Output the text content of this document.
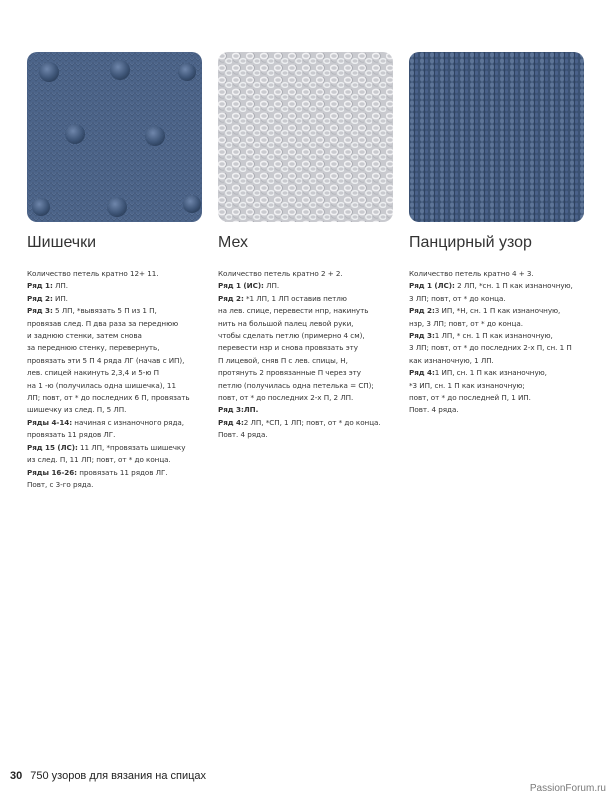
Шишечки	Мех	Панцирный узор
Количество петель кратно 12+ 11.
Ряд 1: ЛП.
Ряд 2: ИП.
Ряд 3: 5 ЛП, *вывязать 5 П из 1 П,
провязав след. П два раза за переднюю
и заднюю стенки, затем снова
за переднюю стенку, перевернуть,
провязать эти 5 П 4 ряда ЛГ (начав с ИП),
лев. спицей накинуть 2,3,4 и 5-ю П
на 1 -ю (получилась одна шишечка), 11
ЛП; повт, от * до последних 6 П, провязать
шишечку из след. П, 5 ЛП.
Ряды 4-14: начиная с изнаночного ряда,
провязать 11 рядов ЛГ.
Ряд 15 (ЛС): 11 ЛП, *провязать шишечку
из след. П, 11 ЛП; повт, от * до конца.
Ряды 16-26: провязать 11 рядов ЛГ.
Повт, с 3-го ряда.
Количество петель кратно 2 + 2.
Ряд 1 (ИС): ЛП.
Ряд 2: *1 ЛП, 1 ЛП оставив петлю
на лев. спице, перевести нпр, накинуть
нить на большой палец левой руки,
чтобы сделать петлю (примерно 4 см),
перевести нзр и снова провязать эту
П лицевой, сняв П с лев. спицы, Н,
протянуть 2 провязанные П через эту
петлю (получилась одна петелька = СП);
повт, от * до последних 2-х П, 2 ЛП.
Ряд 3:ЛП.
Ряд 4:2 ЛП, *СП, 1 ЛП; повт, от * до конца.
Повт. 4 ряда.
Количество петель кратно 4 + 3.
Ряд 1 (ЛС): 2 ЛП, *сн. 1 П как изнаночную,
3 ЛП; повт, от * до конца.
Ряд 2:3 ИП, *Н, сн. 1 П как изнаночную,
нзр, 3 ЛП; повт, от * до конца.
Ряд 3:1 ЛП, * сн. 1 П как изнаночную,
3 ЛП; повт, от * до последних 2-х П, сн. 1 П
как изнаночную, 1 ЛП.
Ряд 4:1 ИП, сн. 1 П как изнаночную,
*3 ИП, сн. 1 П как изнаночную;
повт, от * до последней П, 1 ИП.
Повт. 4 ряда.
30 750 узоров для вязания на спицах
PassionForum.ru
